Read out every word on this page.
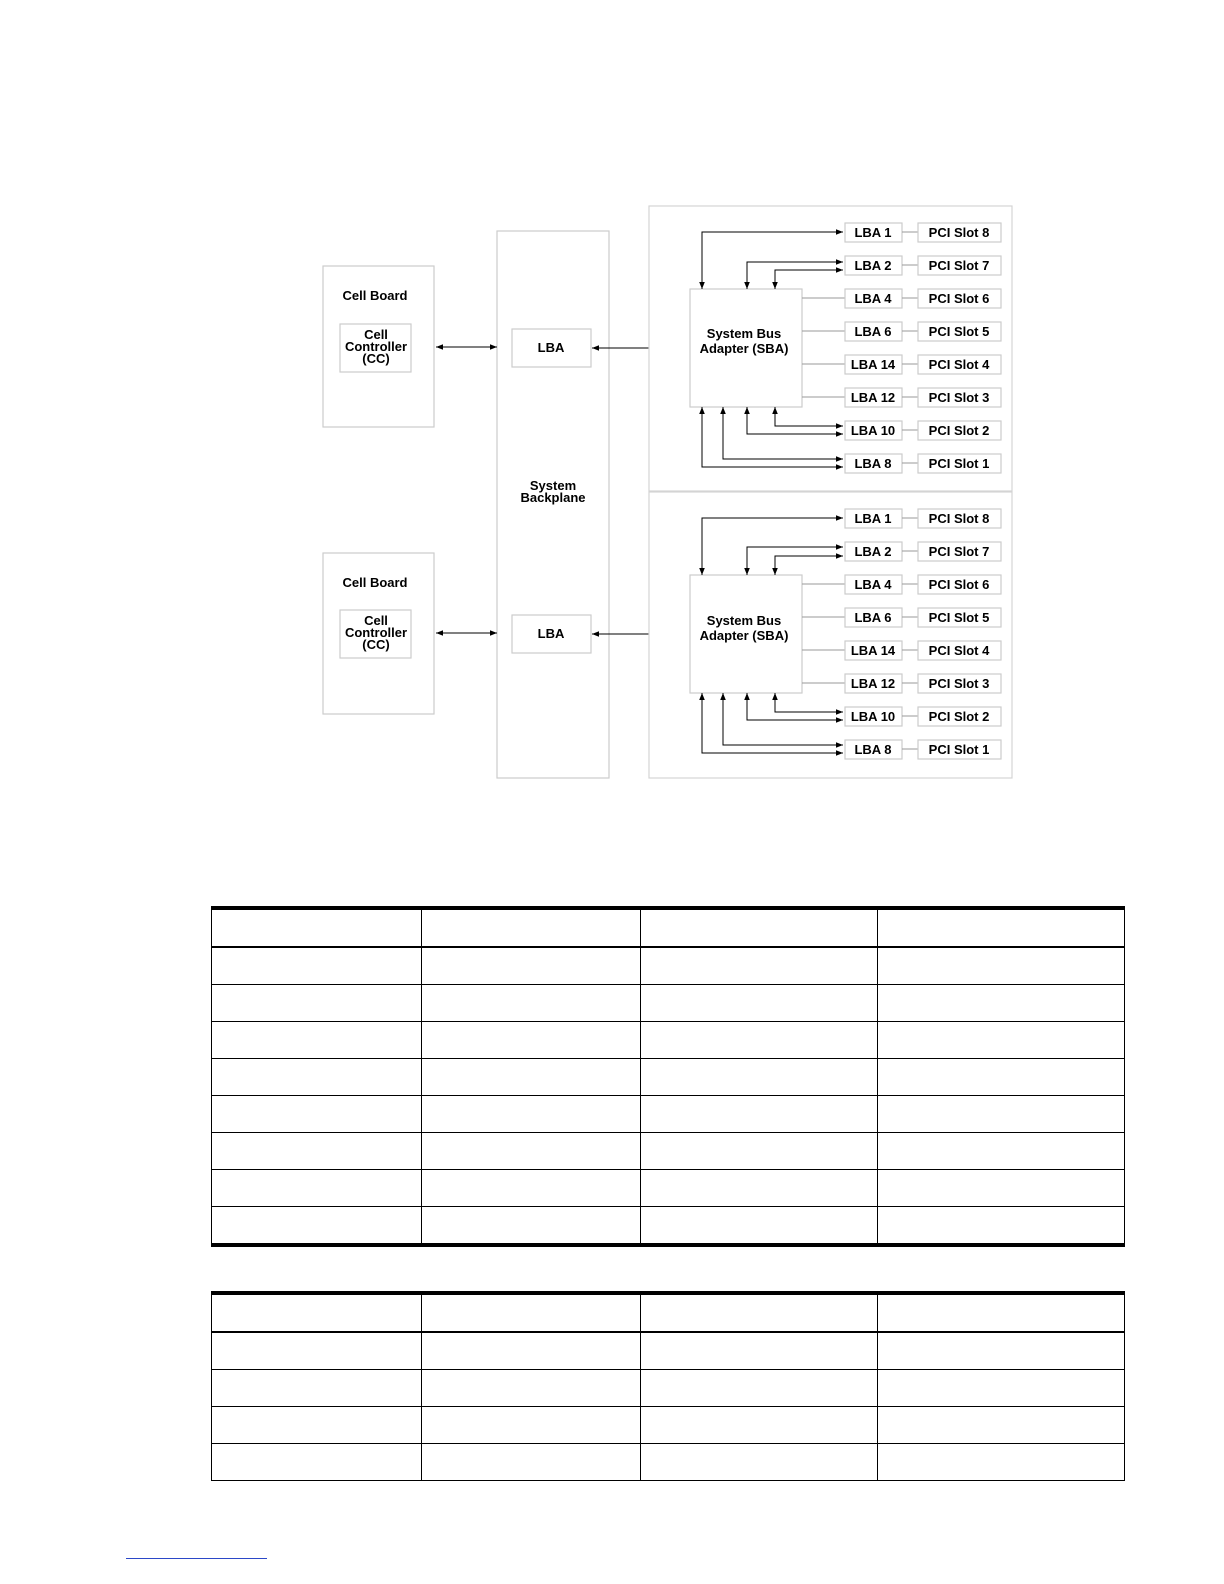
Cell Board
Cell
Controller
(CC)
Cell Board
Cell
Controller
(CC)
System
Backplane
LBA
LBA
System Bus
Adapter (SBA)
LBA 1	PCI Slot 8
LBA 2	PCI Slot 7
LBA 4	PCI Slot 6
LBA 6	PCI Slot 5
LBA 14	PCI Slot 4
LBA 12	PCI Slot 3
LBA 10	PCI Slot 2
LBA 8	PCI Slot 1
System Bus
Adapter (SBA)
LBA 1	PCI Slot 8
LBA 2	PCI Slot 7
LBA 4	PCI Slot 6
LBA 6	PCI Slot 5
LBA 14	PCI Slot 4
LBA 12	PCI Slot 3
LBA 10	PCI Slot 2
LBA 8	PCI Slot 1
